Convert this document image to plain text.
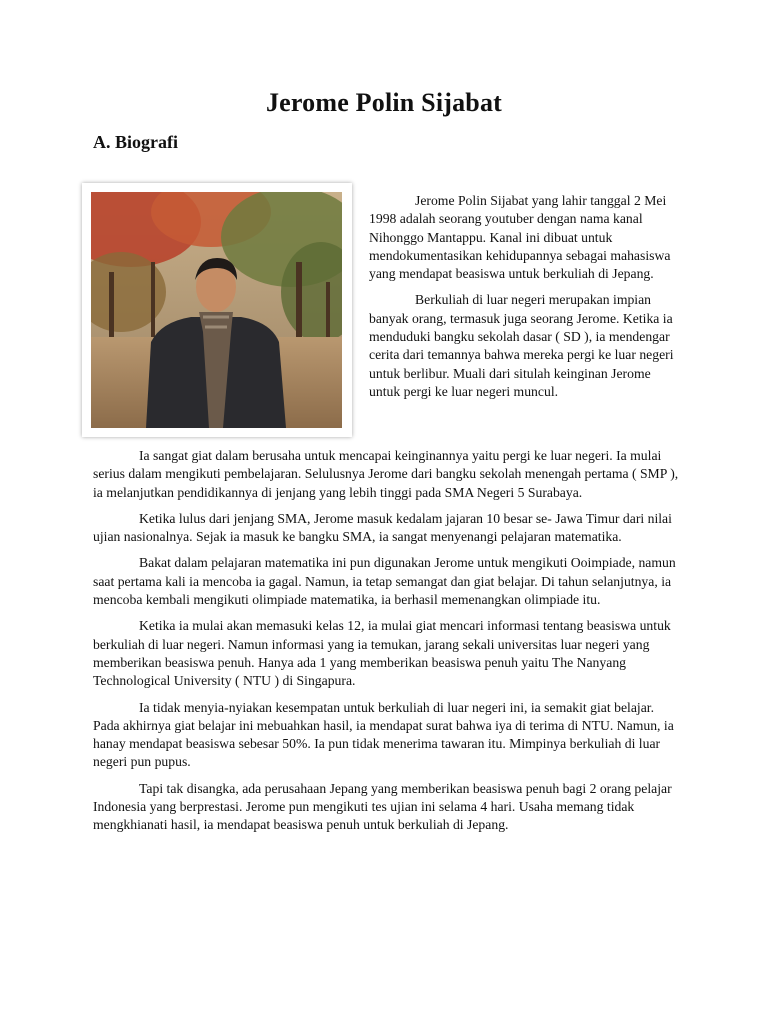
Jerome Polin Sijabat
A. Biografi

Jerome Polin Sijabat yang lahir tanggal 2 Mei 1998 adalah seorang youtuber dengan nama kanal Nihonggo Mantappu. Kanal ini dibuat untuk mendokumentasikan kehidupannya sebagai mahasiswa yang mendapat beasiswa untuk berkuliah di Jepang.

Berkuliah di luar negeri merupakan impian banyak orang, termasuk juga seorang Jerome. Ketika ia menduduki bangku sekolah dasar ( SD ), ia mendengar cerita dari temannya bahwa mereka pergi ke luar negeri untuk berlibur. Muali dari situlah keinginan Jerome untuk pergi ke luar negeri muncul.

Ia sangat giat dalam berusaha untuk mencapai keinginannya yaitu pergi ke luar negeri. Ia mulai serius dalam mengikuti pembelajaran. Selulusnya Jerome dari bangku sekolah menengah pertama ( SMP ), ia melanjutkan pendidikannya di jenjang yang lebih tinggi pada SMA Negeri 5 Surabaya.

Ketika lulus dari jenjang SMA, Jerome masuk kedalam jajaran 10 besar se- Jawa Timur dari nilai ujian nasionalnya. Sejak ia masuk ke bangku SMA, ia sangat menyenangi pelajaran matematika.

Bakat dalam pelajaran matematika ini pun digunakan Jerome untuk mengikuti Ooimpiade, namun saat pertama kali ia mencoba ia gagal. Namun, ia tetap semangat dan giat belajar. Di tahun selanjutnya, ia mencoba kembali mengikuti olimpiade matematika, ia berhasil memenangkan olimpiade itu.

Ketika ia mulai akan memasuki kelas 12, ia mulai giat mencari informasi tentang beasiswa untuk berkuliah di luar negeri. Namun informasi yang ia temukan, jarang sekali universitas luar negeri yang memberikan beasiswa penuh. Hanya ada 1 yang memberikan beasiswa penuh yaitu The Nanyang Technological University ( NTU ) di Singapura.

Ia tidak menyia-nyiakan kesempatan untuk berkuliah di luar negeri ini, ia semakit giat belajar. Pada akhirnya giat belajar ini mebuahkan hasil, ia mendapat surat bahwa iya di terima di NTU. Namun, ia hanay mendapat beasiswa sebesar 50%. Ia pun tidak menerima tawaran itu. Mimpinya berkuliah di luar negeri pun pupus.

Tapi tak disangka, ada perusahaan Jepang yang memberikan beasiswa penuh bagi 2 orang pelajar Indonesia yang berprestasi. Jerome pun mengikuti tes ujian ini selama 4 hari. Usaha memang tidak mengkhianati hasil, ia mendapat beasiswa penuh untuk berkuliah di Jepang.
